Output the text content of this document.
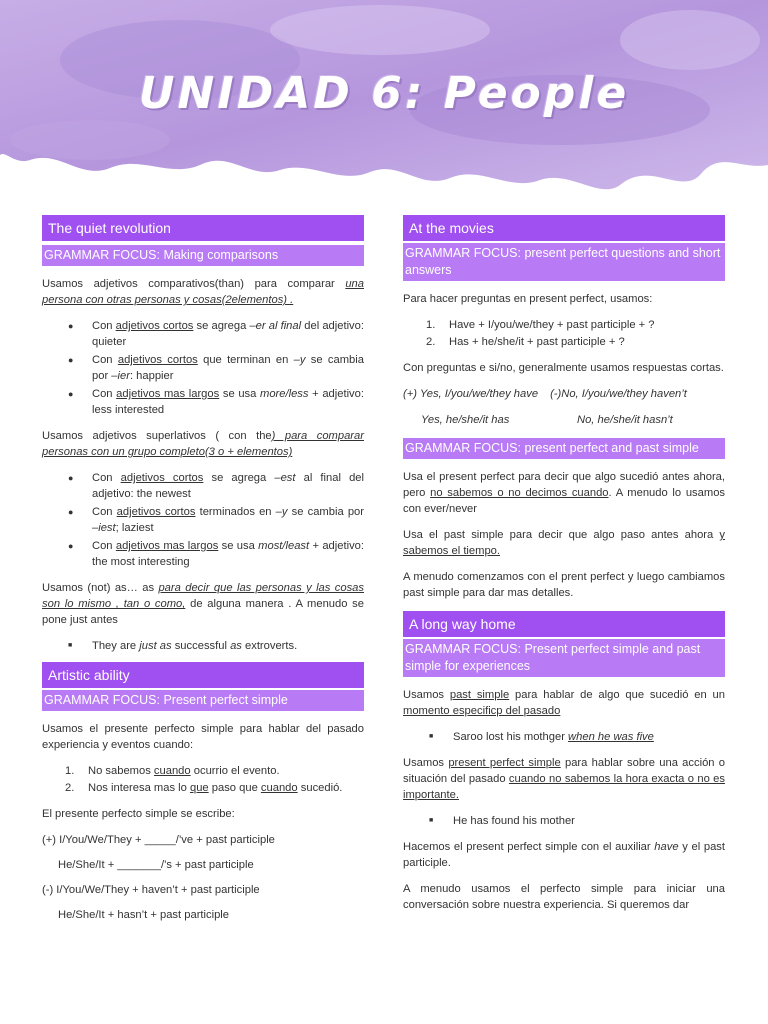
UNIDAD 6: People
The quiet revolution
GRAMMAR FOCUS: Making comparisons

Usamos adjetivos comparativos(than) para comparar una persona con otras personas y cosas(2elementos) .

● Con adjetivos cortos se agrega –er al final del adjetivo: quieter
● Con adjetivos cortos que terminan en –y se cambia por –ier: happier
● Con adjetivos mas largos se usa more/less + adjetivo: less interested

Usamos adjetivos superlativos ( con the) para comparar personas con un grupo completo(3 o + elementos)

● Con adjetivos cortos se agrega –est al final del adjetivo: the newest
● Con adjetivos cortos terminados en –y se cambia por –iest; laziest
● Con adjetivos mas largos se usa most/least + adjetivo: the most interesting

Usamos (not) as… as para decir que las personas y las cosas son lo mismo , tan o como, de alguna manera . A menudo se pone just antes

■ They are just as successful as extroverts.
Artistic ability
GRAMMAR FOCUS: Present perfect simple

Usamos el presente perfecto simple para hablar del pasado experiencia y eventos cuando:

1. No sabemos cuando ocurrio el evento.
2. Nos interesa mas lo que paso que cuando sucedió.

El presente perfecto simple se escribe:

(+) I/You/We/They + _____/’ve + past participle
He/She/It + _______/’s + past participle
(-) I/You/We/They + haven’t + past participle
He/She/It + hasn’t + past participle
At the movies
GRAMMAR FOCUS: present perfect questions and short answers

Para hacer preguntas en present perfect, usamos:

1. Have + I/you/we/they + past participle + ?
2. Has + he/she/it + past participle + ?

Con preguntas e si/no, generalmente usamos respuestas cortas.

(+) Yes, I/you/we/they have	(-)No, I/you/we/they haven’t
Yes, he/she/it has	No, he/she/it hasn’t
GRAMMAR FOCUS: present perfect and past simple

Usa el present perfect para decir que algo sucedió antes ahora, pero no sabemos o no decimos cuando. A menudo lo usamos con ever/never

Usa el past simple para decir que algo paso antes ahora y sabemos el tiempo.

A menudo comenzamos con el prent perfect y luego cambiamos past simple para dar mas detalles.

A long way home
GRAMMAR FOCUS: Present perfect simple and past simple for experiences

Usamos past simple para hablar de algo que sucedió en un momento especificp del pasado

■ Saroo lost his mothger when he was five

Usamos present perfect simple para hablar sobre una acción o situación del pasado cuando no sabemos la hora exacta o no es importante.

■ He has found his mother

Hacemos el present perfect simple con el auxiliar have y el past participle.

A menudo usamos el perfecto simple para iniciar una conversación sobre nuestra experiencia. Si queremos dar
